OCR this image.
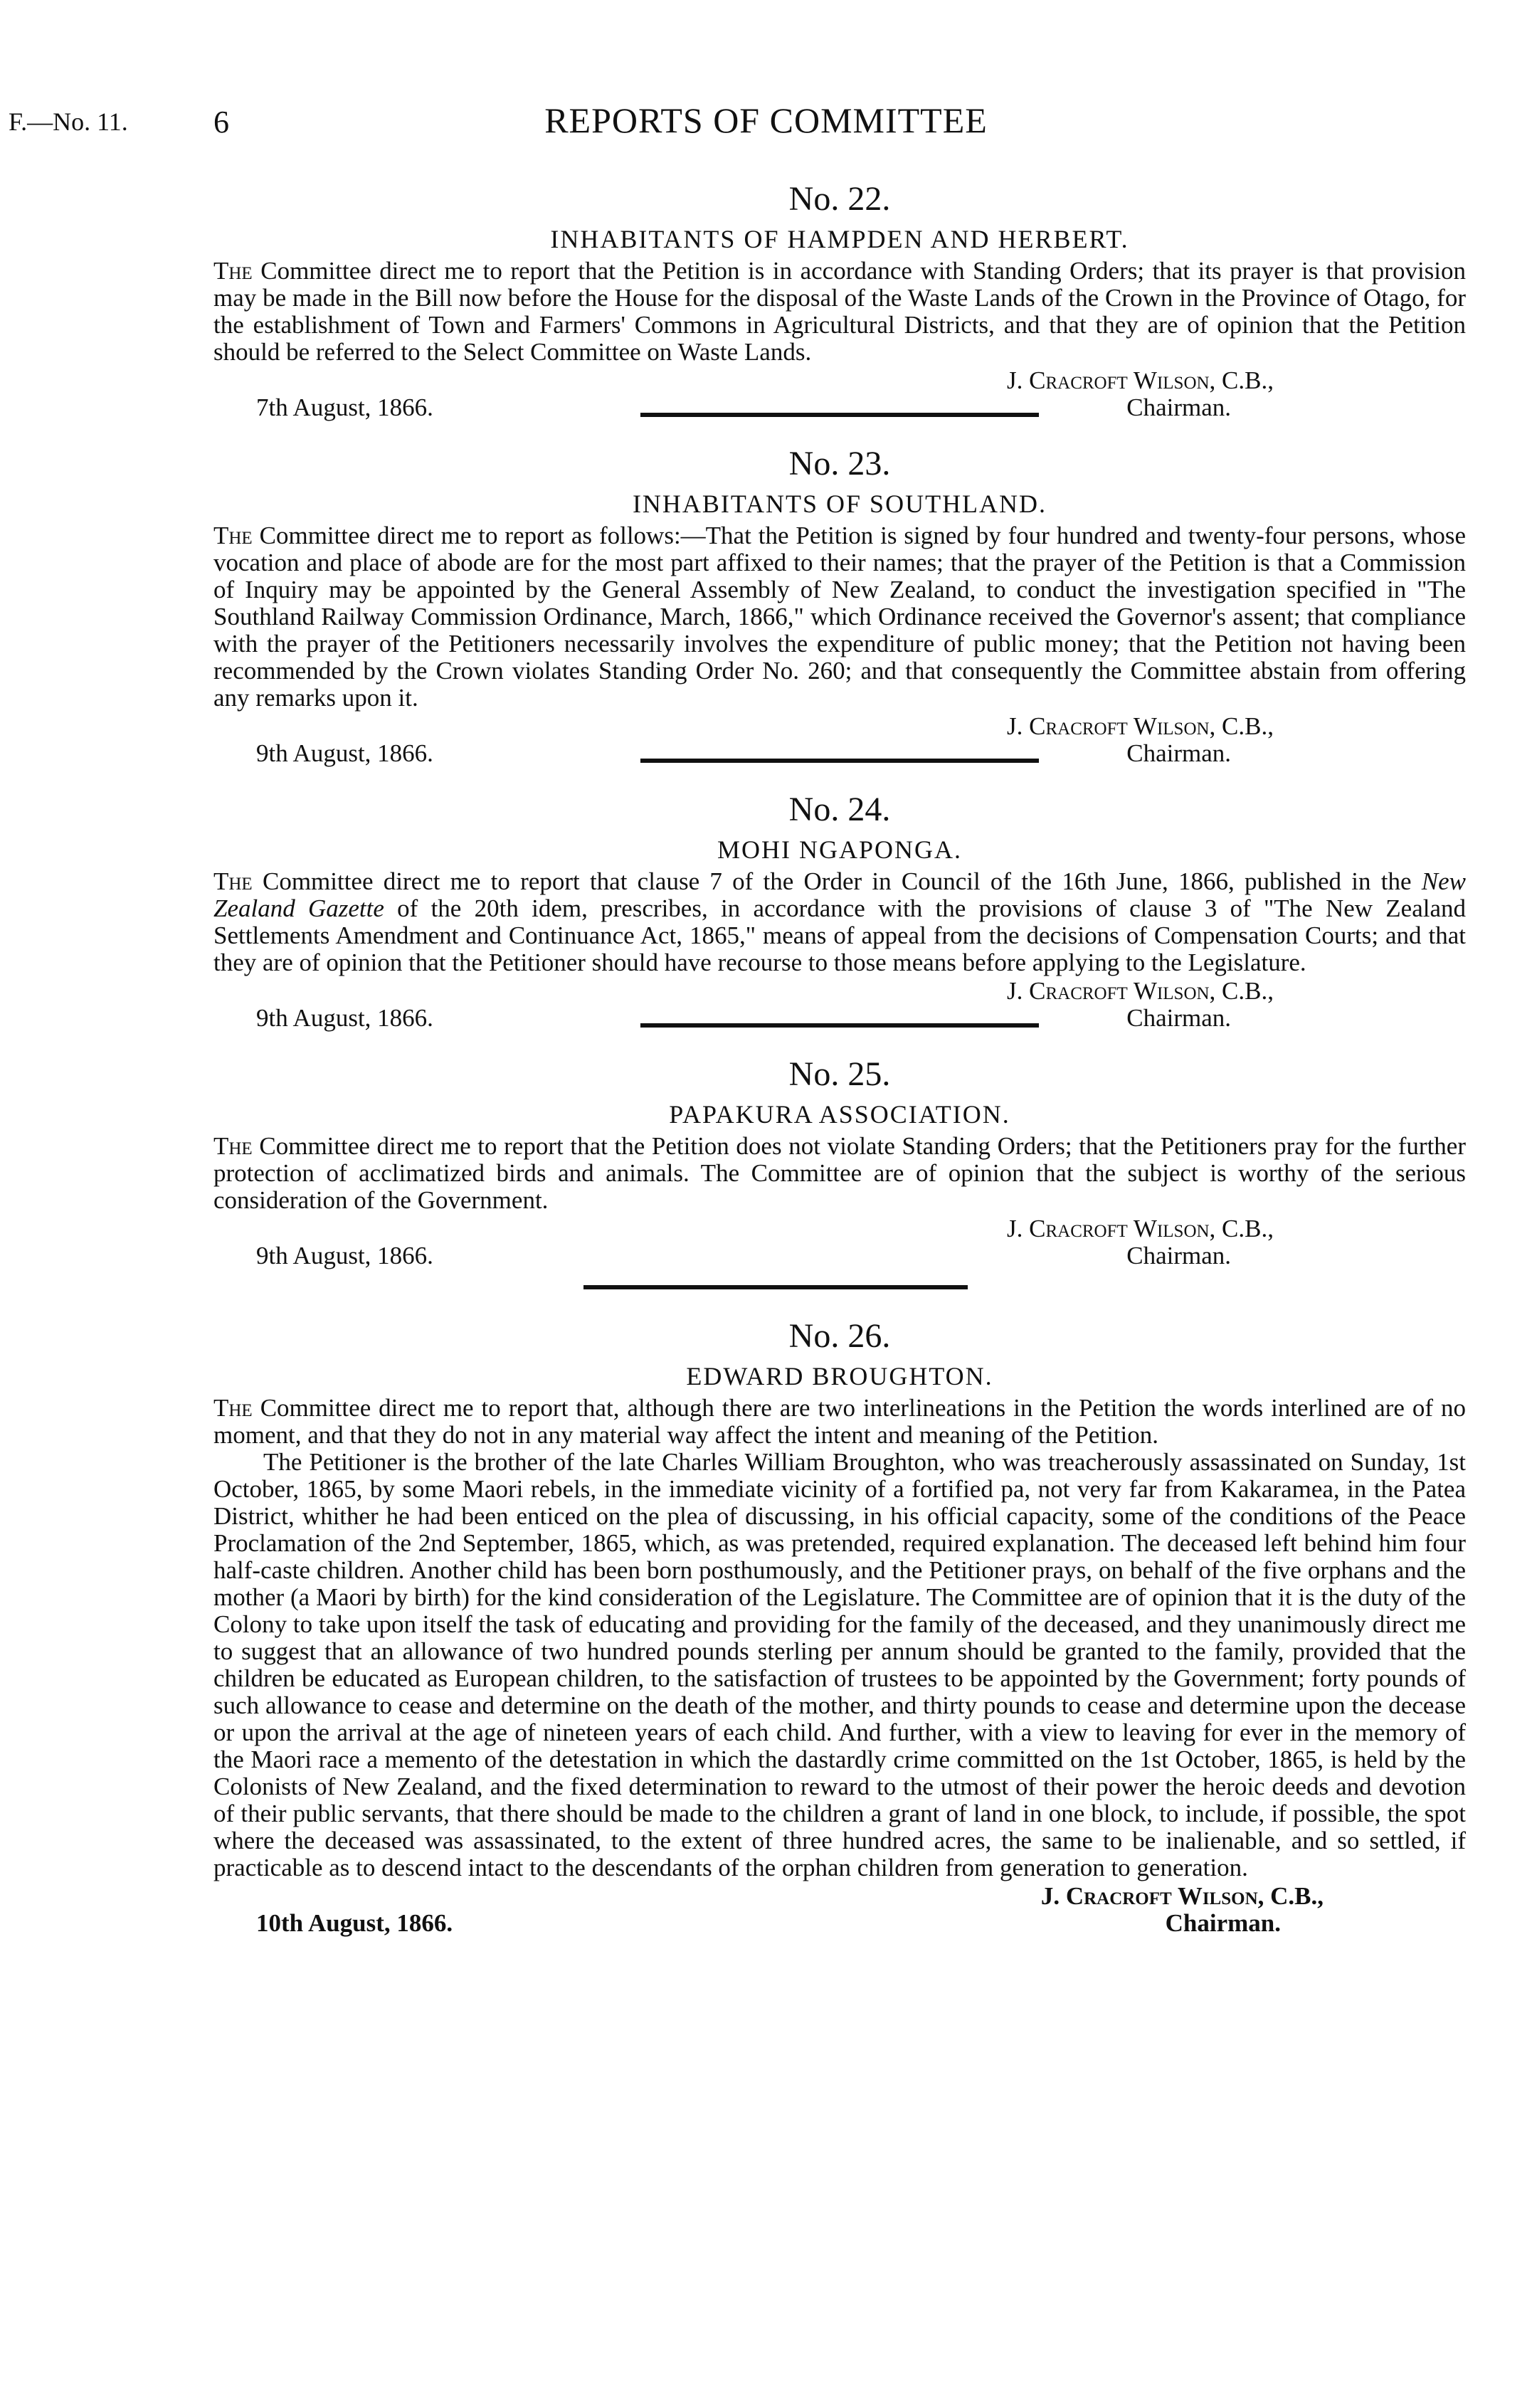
F.—No. 11.	6	REPORTS OF COMMITTEE
No. 22.
INHABITANTS OF HAMPDEN AND HERBERT.

The Committee direct me to report that the Petition is in accordance with Standing Orders; that its prayer is that provision may be made in the Bill now before the House for the disposal of the Waste Lands of the Crown in the Province of Otago, for the establishment of Town and Farmers' Commons in Agricultural Districts, and that they are of opinion that the Petition should be referred to the Select Committee on Waste Lands.

J. Cracroft Wilson, C.B.,
7th August, 1866.	Chairman.
No. 23.
INHABITANTS OF SOUTHLAND.

The Committee direct me to report as follows:—That the Petition is signed by four hundred and twenty-four persons, whose vocation and place of abode are for the most part affixed to their names; that the prayer of the Petition is that a Commission of Inquiry may be appointed by the General Assembly of New Zealand, to conduct the investigation specified in "The Southland Railway Commission Ordinance, March, 1866," which Ordinance received the Governor's assent; that compliance with the prayer of the Petitioners necessarily involves the expenditure of public money; that the Petition not having been recommended by the Crown violates Standing Order No. 260; and that consequently the Committee abstain from offering any remarks upon it.

J. Cracroft Wilson, C.B.,
9th August, 1866.	Chairman.
No. 24.
MOHI NGAPONGA.

The Committee direct me to report that clause 7 of the Order in Council of the 16th June, 1866, published in the New Zealand Gazette of the 20th idem, prescribes, in accordance with the provisions of clause 3 of "The New Zealand Settlements Amendment and Continuance Act, 1865," means of appeal from the decisions of Compensation Courts; and that they are of opinion that the Petitioner should have recourse to those means before applying to the Legislature.

J. Cracroft Wilson, C.B.,
9th August, 1866.	Chairman.
No. 25.
PAPAKURA ASSOCIATION.

The Committee direct me to report that the Petition does not violate Standing Orders; that the Petitioners pray for the further protection of acclimatized birds and animals. The Committee are of opinion that the subject is worthy of the serious consideration of the Government.

J. Cracroft Wilson, C.B.,
9th August, 1866.	Chairman.
No. 26.
EDWARD BROUGHTON.

The Committee direct me to report that, although there are two interlineations in the Petition the words interlined are of no moment, and that they do not in any material way affect the intent and meaning of the Petition.

The Petitioner is the brother of the late Charles William Broughton, who was treacherously assassinated on Sunday, 1st October, 1865, by some Maori rebels, in the immediate vicinity of a fortified pa, not very far from Kakaramea, in the Patea District, whither he had been enticed on the plea of discussing, in his official capacity, some of the conditions of the Peace Proclamation of the 2nd September, 1865, which, as was pretended, required explanation. The deceased left behind him four half-caste children. Another child has been born posthumously, and the Petitioner prays, on behalf of the five orphans and the mother (a Maori by birth) for the kind consideration of the Legislature. The Committee are of opinion that it is the duty of the Colony to take upon itself the task of educating and providing for the family of the deceased, and they unanimously direct me to suggest that an allowance of two hundred pounds sterling per annum should be granted to the family, provided that the children be educated as European children, to the satisfaction of trustees to be appointed by the Government; forty pounds of such allowance to cease and determine on the death of the mother, and thirty pounds to cease and determine upon the decease or upon the arrival at the age of nineteen years of each child. And further, with a view to leaving for ever in the memory of the Maori race a memento of the detestation in which the dastardly crime committed on the 1st October, 1865, is held by the Colonists of New Zealand, and the fixed determination to reward to the utmost of their power the heroic deeds and devotion of their public servants, that there should be made to the children a grant of land in one block, to include, if possible, the spot where the deceased was assassinated, to the extent of three hundred acres, the same to be inalienable, and so settled, if practicable as to descend intact to the descendants of the orphan children from generation to generation.

J. Cracroft Wilson, C.B.,
10th August, 1866.	Chairman.
